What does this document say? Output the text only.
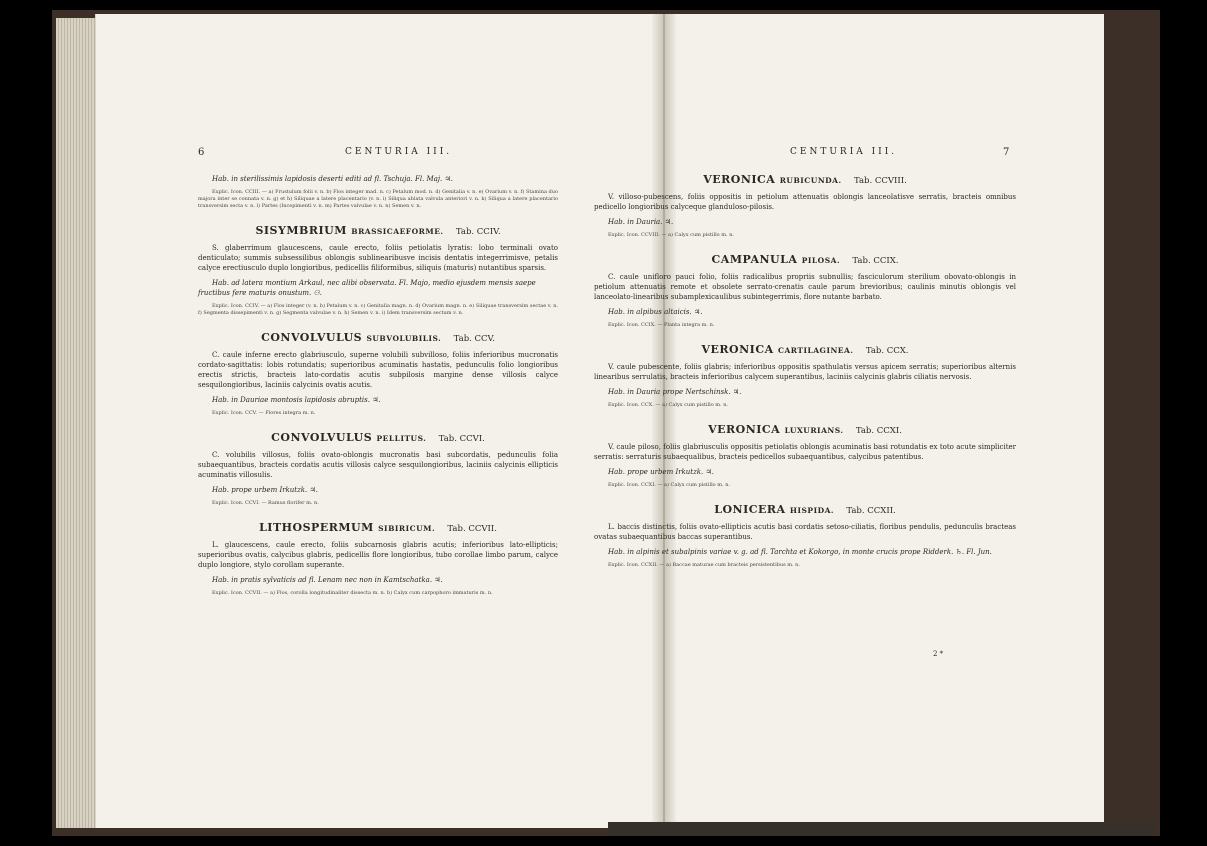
6	CENTURIA III.	CENTURIA III.	7

Hab. in sterilissimis lapidosis deserti editi ad fl. Tschuja. Fl. Maj. ♃.

Explic. Icon. CCIII. — a) Frustulum folii v. n. b) Flos integer mad. n. c) Petalum mod. n. d) Genitalia v. n. e) Ovarium v. n. f) Stamina duo majora inter se connata v. n. g) et h) Siliquae a latere placentario (v. n. i) Siliqua ablata valvula anteriori v. n. k) Siliqua a latere placentario transversim secta v. n. l) Partes (Incepimenti v. n. m) Partes valvulae v. n. n) Semen v. n.

SISYMBRIUM BRASSICAEFORME. Tab. CCIV.

S. glaberrimum glaucescens, caule erecto, foliis petiolatis lyratis: lobo terminali ovato denticulato; summis subsessilibus oblongis sublinearibusve incisis dentatis integerrimisve, petalis calyce erectiusculo duplo longioribus, pedicellis filiformibus, siliquis (maturis) nutantibus sparsis.

Hab. ad latera montium Arkaul, nec alibi observata. Fl. Majo, medio ejusdem mensis saepe fructibus fere maturis onustum. ⚇.

Explic. Icon. CCIV. — a) Flos integer (v. n. b) Petalum v. n. c) Genitalia magn. n. d) Ovarium magn. n. e) Siliquae transversim sectae v. n. f) Segmenta dissepimenti v. n. g) Segmenta valvulae v. n. h) Semen v. n. i) Idem transversim sectum v. n.

CONVOLVULUS SUBVOLUBILIS. Tab. CCV.

C. caule inferne erecto glabriusculo, superne volubili subvilloso, foliis inferioribus mucronatis cordato-sagittatis: lobis rotundatis; superioribus acuminatis hastatis, pedunculis folio longioribus erectis strictis, bracteis lato-cordatis acutis subpilosis margine dense villosis calyce sesquilongioribus, laciniis calycinis ovatis acutis.

Hab. in Dauriae montosis lapidosis abruptis. ♃.

Explic. Icon. CCV. — Flores integra m. n.

CONVOLVULUS PELLITUS. Tab. CCVI.

C. volubilis villosus, foliis ovato-oblongis mucronatis basi subcordatis, pedunculis folia subaequantibus, bracteis cordatis acutis villosis calyce sesquilongioribus, laciniis calycinis ellipticis acuminatis villosulis.

Hab. prope urbem Irkutzk. ♃.

Explic. Icon. CCVI. — Ramus florifer m. n.

LITHOSPERMUM SIBIRICUM. Tab. CCVII.

L. glaucescens, caule erecto, foliis subcarnosis glabris acutis; inferioribus lato-ellipticis; superioribus ovatis, calycibus glabris, pedicellis flore longioribus, tubo corollae limbo parum, calyce duplo longiore, stylo corollam superante.

Hab. in pratis sylvaticis ad fl. Lenam nec non in Kamtschatka. ♃.

Explic. Icon. CCVII. — a) Flos, corolla longitudinaliter dissecta m. n. b) Calyx cum carpophoro immaturis m. n.

VERONICA RUBICUNDA. Tab. CCVIII.

V. villoso-pubescens, foliis oppositis in petiolum attenuatis oblongis lanceolatisve serratis, bracteis omnibus pedicello longioribus calyceque glanduloso-pilosis.

Hab. in Dauria. ♃.

Explic. Icon. CCVIII. — a) Calyx cum pistillo m. n.

CAMPANULA PILOSA. Tab. CCIX.

C. caule unifloro pauci folio, foliis radicalibus propriis subnullis; fasciculorum sterilium obovato-oblongis in petiolum attenuatis remote et obsolete serrato-crenatis caule parum brevioribus; caulinis minutis oblongis vel lanceolato-linearibus subamplexicaulibus subintegerrimis, flore nutante barbato.

Hab. in alpibus altaicis. ♃.

Explic. Icon. CCIX. — Planta integra m. n.

VERONICA CARTILAGINEA. Tab. CCX.

V. caule pubescente, foliis glabris; inferioribus oppositis spathulatis versus apicem serratis; superioribus alternis linearibus serrulatis, bracteis inferioribus calycem superantibus, laciniis calycinis glabris ciliatis nervosis.

Hab. in Dauria prope Nertschinsk. ♃.

Explic. Icon. CCX. — a) Calyx cum pistillo m. n.

VERONICA LUXURIANS. Tab. CCXI.

V. caule piloso, foliis glabriusculis oppositis petiolatis oblongis acuminatis basi rotundatis ex toto acute simpliciter serratis: serraturis subaequalibus, bracteis pedicellos subaequantibus, calycibus patentibus.

Hab. prope urbem Irkutzk. ♃.

Explic. Icon. CCXI. — a) Calyx cum pistillo m. n.

LONICERA HISPIDA. Tab. CCXII.

L. baccis distinctis, foliis ovato-ellipticis acutis basi cordatis setoso-ciliatis, floribus pendulis, pedunculis bracteas ovatas subaequantibus baccas superantibus.

Hab. in alpinis et subalpinis variae v. g. ad fl. Tarchta et Kokorgo, in monte crucis prope Ridderk. ♄. Fl. Jun.

Explic. Icon. CCXII. — a) Baccae maturae cum bracteis persistentibus m. n.

2 *
